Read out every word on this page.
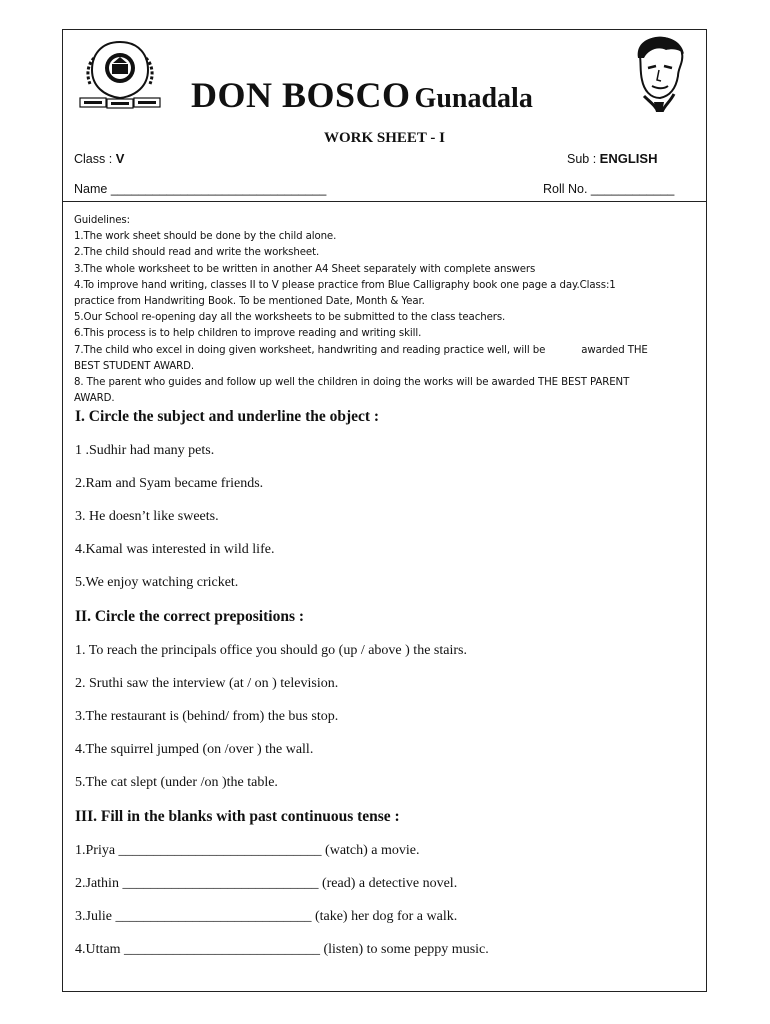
DON BOSCO Gunadala
WORK SHEET - I
Class : V	Sub : ENGLISH
Name _______________________________	Roll No. ____________
Guidelines:
1.The work sheet should be done by the child alone.
2.The child should read and write the worksheet.
3.The whole worksheet to be written in another A4 Sheet separately with complete answers
4.To improve hand writing, classes II to V please practice from Blue Calligraphy book one page a day.Class:1
practice from Handwriting Book. To be mentioned Date, Month & Year.
5.Our School re-opening day all the worksheets to be submitted to the class teachers.
6.This process is to help children to improve reading and writing skill.
7.The child who excel in doing given worksheet, handwriting and reading practice well, will be	awarded THE
BEST STUDENT AWARD.
8. The parent who guides and follow up well the children in doing the works will be awarded THE BEST PARENT
AWARD.
I. Circle the subject and underline the object :
1 .Sudhir had many pets.
2.Ram and Syam became friends.
3. He doesn’t like sweets.
4.Kamal was interested in wild life.
5.We enjoy watching cricket.
II. Circle the correct prepositions :
1. To reach the principals office you should go (up / above ) the stairs.
2. Sruthi saw the interview (at / on ) television.
3.The restaurant is (behind/ from) the bus stop.
4.The squirrel jumped (on /over ) the wall.
5.The cat slept (under /on )the table.
III. Fill in the blanks with past continuous tense :
1.Priya _____________________________ (watch) a movie.
2.Jathin ____________________________ (read) a detective novel.
3.Julie ____________________________ (take) her dog for a walk.
4.Uttam ____________________________ (listen) to some peppy music.
